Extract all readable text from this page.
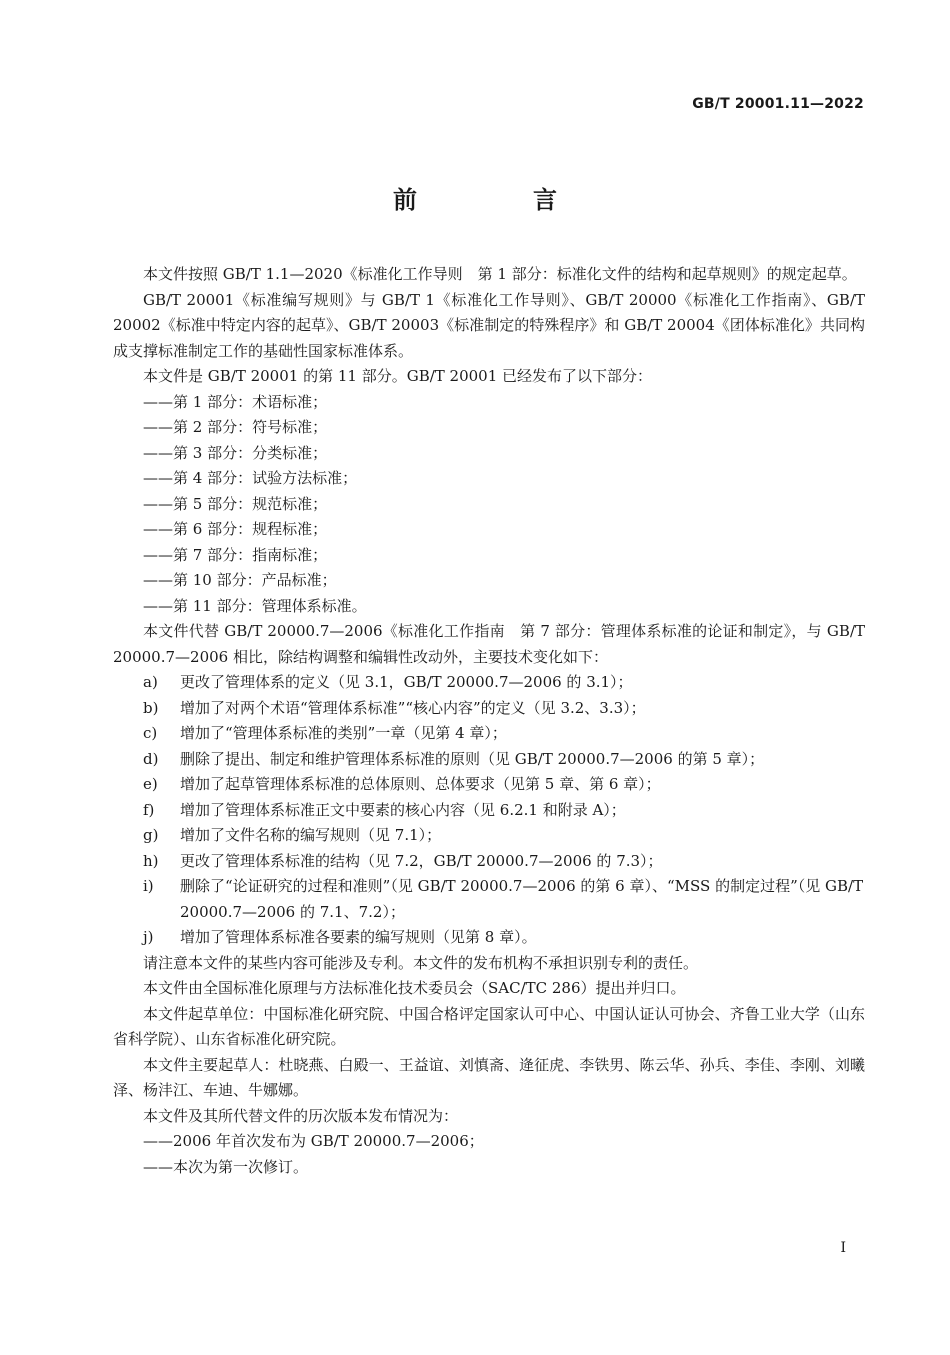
GB/T 20001.11—2022
前　言

本文件按照 GB/T 1.1—2020《标准化工作导则　第 1 部分：标准化文件的结构和起草规则》的规定起草。

GB/T 20001《标准编写规则》与 GB/T 1《标准化工作导则》、GB/T 20000《标准化工作指南》、GB/T 20002《标准中特定内容的起草》、GB/T 20003《标准制定的特殊程序》和 GB/T 20004《团体标准化》共同构成支撑标准制定工作的基础性国家标准体系。

本文件是 GB/T 20001 的第 11 部分。GB/T 20001 已经发布了以下部分：

——第 1 部分：术语标准；

——第 2 部分：符号标准；

——第 3 部分：分类标准；

——第 4 部分：试验方法标准；

——第 5 部分：规范标准；

——第 6 部分：规程标准；

——第 7 部分：指南标准；

——第 10 部分：产品标准；

——第 11 部分：管理体系标准。

本文件代替 GB/T 20000.7—2006《标准化工作指南　第 7 部分：管理体系标准的论证和制定》，与 GB/T 20000.7—2006 相比，除结构调整和编辑性改动外，主要技术变化如下：

a)	更改了管理体系的定义（见 3.1，GB/T 20000.7—2006 的 3.1）；
b)	增加了对两个术语“管理体系标准”“核心内容”的定义（见 3.2、3.3）；
c)	增加了“管理体系标准的类别”一章（见第 4 章）；
d)	删除了提出、制定和维护管理体系标准的原则（见 GB/T 20000.7—2006 的第 5 章）；
e)	增加了起草管理体系标准的总体原则、总体要求（见第 5 章、第 6 章）；
f)	增加了管理体系标准正文中要素的核心内容（见 6.2.1 和附录 A）；
g)	增加了文件名称的编写规则（见 7.1）；
h)	更改了管理体系标准的结构（见 7.2，GB/T 20000.7—2006 的 7.3）；
i)	删除了“论证研究的过程和准则”（见 GB/T 20000.7—2006 的第 6 章）、“MSS 的制定过程”（见 GB/T 20000.7—2006 的 7.1、7.2）；
j)	增加了管理体系标准各要素的编写规则（见第 8 章）。

请注意本文件的某些内容可能涉及专利。本文件的发布机构不承担识别专利的责任。

本文件由全国标准化原理与方法标准化技术委员会（SAC/TC 286）提出并归口。

本文件起草单位：中国标准化研究院、中国合格评定国家认可中心、中国认证认可协会、齐鲁工业大学（山东省科学院）、山东省标准化研究院。

本文件主要起草人：杜晓燕、白殿一、王益谊、刘慎斋、逄征虎、李铁男、陈云华、孙兵、李佳、李刚、刘曦泽、杨沣江、车迪、牛娜娜。

本文件及其所代替文件的历次版本发布情况为：

——2006 年首次发布为 GB/T 20000.7—2006；

——本次为第一次修订。

I
